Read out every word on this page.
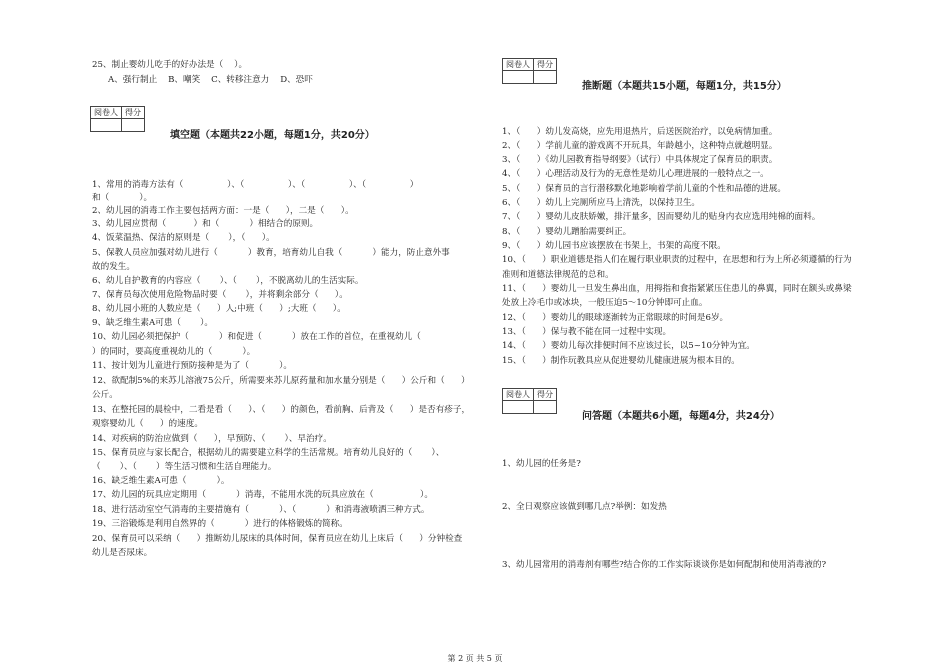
25、制止婴幼儿吃手的好办法是（    ）。
A、强行制止    B、嘲笑    C、转移注意力    D、恐吓
阅卷人	得分

填空题（本题共22小题，每题1分，共20分）
1、常用的消毒方法有（                ）、（                ）、（                ）、（                ）
和（           ）。
2、幼儿园的消毒工作主要包括两方面：一是（      ），二是（      ）。
3、幼儿园应贯彻（          ）和（           ）相结合的原则。
4、饭菜温热、保洁的原则是（       ），（      ）。
5、保教人员应加强对幼儿进行（           ）教育，培育幼儿自我（           ）能力，防止意外事
故的发生。
6、幼儿自护教育的内容应（       ）、（       ），不脱离幼儿的生活实际。
7、保育员每次使用危险物品时要（       ），并将剩余部分（      ）。
8、幼儿园小班的人数应是（      ）人;中班（      ）;大班（      ）。
9、缺乏维生素A可患（       ）。
10、幼儿园必须把保护（           ）和促进（           ）放在工作的首位，在重视幼儿（
）的同时，要高度重视幼儿的（           ）。
11、按计划为儿童进行预防接种是为了（           ）。
12、欲配制5%的来苏儿溶液75公斤，所需要来苏儿原药量和加水量分别是（      ）公斤和（      ）
公斤。
13、在整托园的晨检中，二看是看（      ）、（      ）的颜色，看前胸、后背及（      ）是否有疹子，
观察婴幼儿（      ）的速度。
14、对疾病的防治应做到（      ），早预防、（       ）、早治疗。
15、保育员应与家长配合，根据幼儿的需要建立科学的生活常规。培育幼儿良好的（       ）、
（       ）、（       ）等生活习惯和生活自理能力。
16、缺乏维生素A可患（           ）。
17、幼儿园的玩具应定期用（           ）消毒，不能用水洗的玩具应放在（                 ）。
18、进行活动室空气消毒的主要措施有（           ）、（           ）和消毒液喷洒三种方式。
19、三浴锻炼是利用自然界的（           ）进行的体格锻炼的简称。
20、保育员可以采纳（      ）推断幼儿尿床的具体时间，保育员应在幼儿上床后（      ）分钟检查
幼儿是否尿床。
阅卷人	得分

推断题（本题共15小题，每题1分，共15分）
1、（      ）幼儿发高烧，应先用退热片，后送医院治疗，以免病情加重。
2、（      ）学前儿童的游戏离不开玩具，年龄越小，这种特点就越明显。
3、（      ）《幼儿园教育指导纲要》（试行）中具体规定了保育员的职责。
4、（      ）心理活动及行为的无意性是幼儿心理进展的一般特点之一。
5、（      ）保育员的言行潜移默化地影响着学前儿童的个性和品德的进展。
6、（      ）幼儿上完厕所应马上清洗，以保持卫生。
7、（      ）婴幼儿皮肤娇嫩，排汗量多，因而婴幼儿的贴身内衣应选用纯棉的面料。
8、（      ）婴幼儿蹭胎需要纠正。
9、（      ）幼儿园书应该摆放在书架上，书架的高度不限。
10、（      ）职业道德是指人们在履行职业职责的过程中，在思想和行为上所必须遵循的行为
准则和道德法律规范的总和。
11、（      ）婴幼儿一旦发生鼻出血，用拇指和食指紧紧压住患儿的鼻翼，同时在额头或鼻梁
处放上冷毛巾或冰块，一般压迫5～10分钟即可止血。
12、（      ）婴幼儿的眼球逐渐转为正常眼球的时间是6岁。
13、（      ）保与教不能在同一过程中实现。
14、（      ）婴幼儿每次排便时间不应该过长，以5~10分钟为宜。
15、（      ）制作玩教具应从促进婴幼儿健康进展为根本目的。
阅卷人	得分

问答题（本题共6小题，每题4分，共24分）
1、幼儿园的任务是?
2、全日观察应该做到哪几点?举例：如发热
3、幼儿园常用的消毒剂有哪些?结合你的工作实际谈谈你是如何配制和使用消毒液的?
第 2 页 共 5 页
